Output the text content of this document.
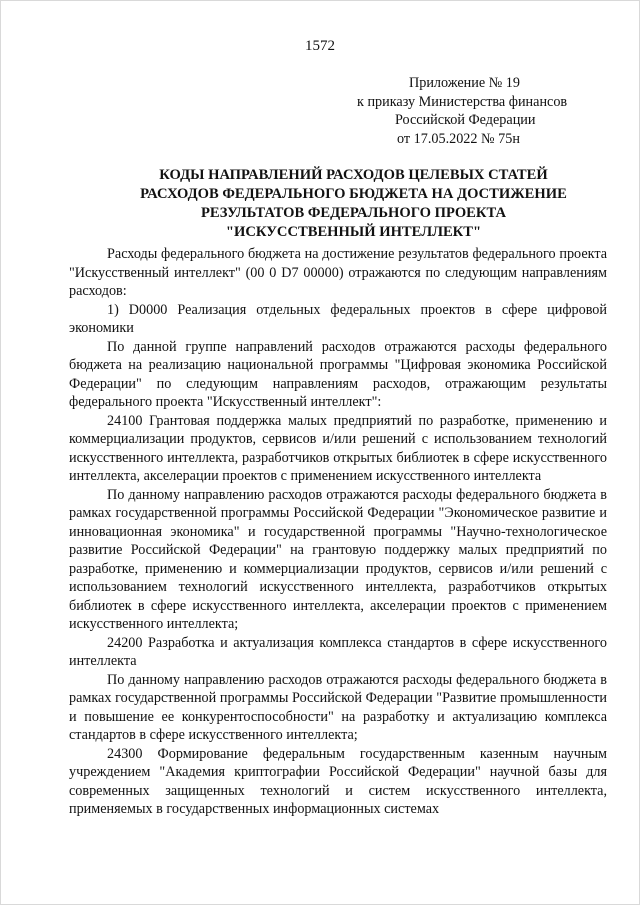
1572
Приложение № 19
к приказу Министерства финансов
Российской Федерации
от 17.05.2022 № 75н
КОДЫ НАПРАВЛЕНИЙ РАСХОДОВ ЦЕЛЕВЫХ СТАТЕЙ
РАСХОДОВ ФЕДЕРАЛЬНОГО БЮДЖЕТА НА ДОСТИЖЕНИЕ
РЕЗУЛЬТАТОВ ФЕДЕРАЛЬНОГО ПРОЕКТА
"ИСКУССТВЕННЫЙ ИНТЕЛЛЕКТ"

Расходы федерального бюджета на достижение результатов федерального проекта "Искусственный интеллект" (00 0 D7 00000) отражаются по следующим направлениям расходов:

1) D0000 Реализация отдельных федеральных проектов в сфере цифровой экономики

По данной группе направлений расходов отражаются расходы федерального бюджета на реализацию национальной программы "Цифровая экономика Российской Федерации" по следующим направлениям расходов, отражающим результаты федерального проекта "Искусственный интеллект":

24100 Грантовая поддержка малых предприятий по разработке, применению и коммерциализации продуктов, сервисов и/или решений с использованием технологий искусственного интеллекта, разработчиков открытых библиотек в сфере искусственного интеллекта, акселерации проектов с применением искусственного интеллекта

По данному направлению расходов отражаются расходы федерального бюджета в рамках государственной программы Российской Федерации "Экономическое развитие и инновационная экономика" и государственной программы "Научно-технологическое развитие Российской Федерации" на грантовую поддержку малых предприятий по разработке, применению и коммерциализации продуктов, сервисов и/или решений с использованием технологий искусственного интеллекта, разработчиков открытых библиотек в сфере искусственного интеллекта, акселерации проектов с применением искусственного интеллекта;

24200 Разработка и актуализация комплекса стандартов в сфере искусственного интеллекта

По данному направлению расходов отражаются расходы федерального бюджета в рамках государственной программы Российской Федерации "Развитие промышленности и повышение ее конкурентоспособности" на разработку и актуализацию комплекса стандартов в сфере искусственного интеллекта;

24300 Формирование федеральным государственным казенным научным учреждением "Академия криптографии Российской Федерации" научной базы для современных защищенных технологий и систем искусственного интеллекта, применяемых в государственных информационных системах
